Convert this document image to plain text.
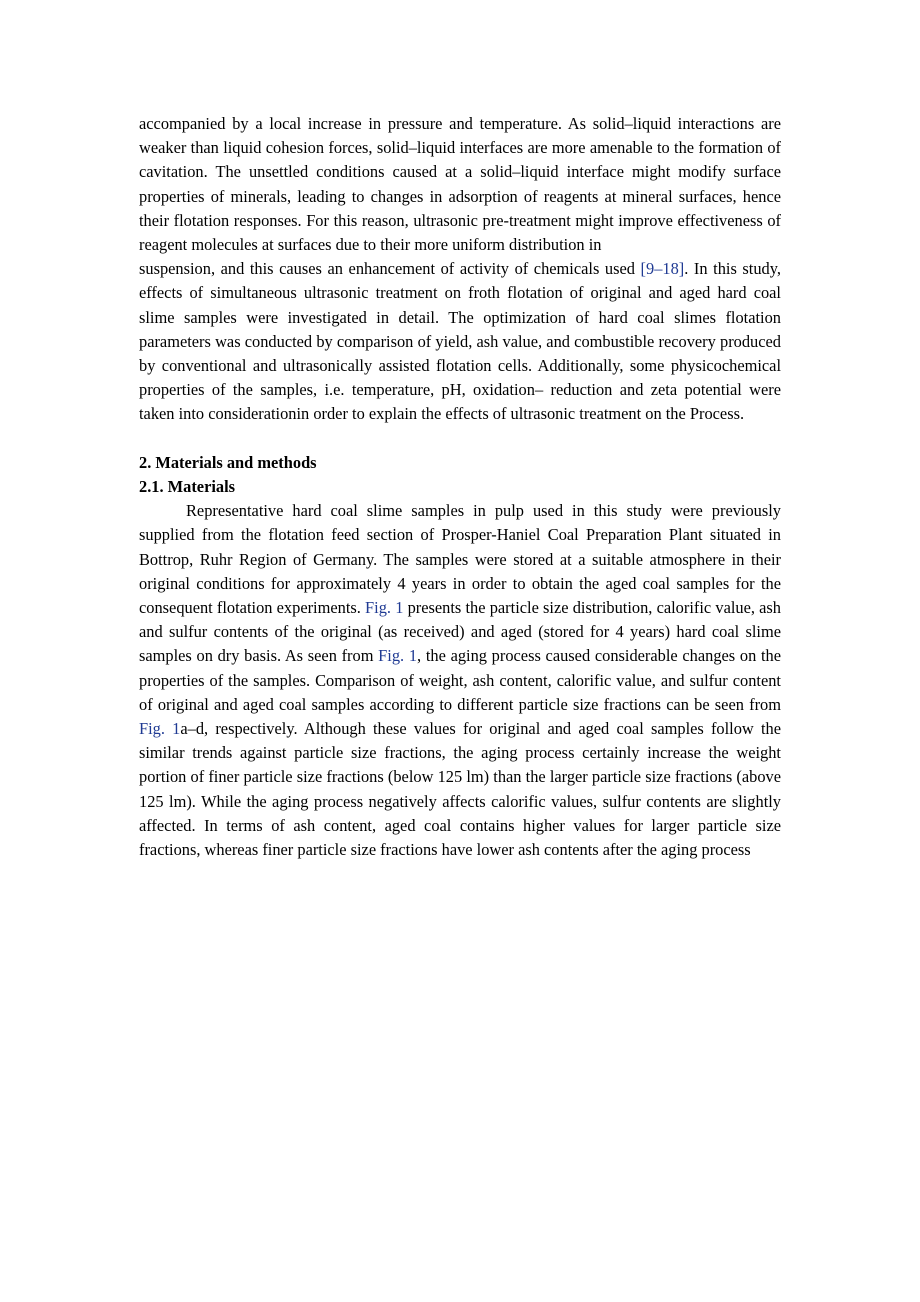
accompanied by a local increase in pressure and temperature. As solid–liquid interactions are weaker than liquid cohesion forces, solid–liquid interfaces are more amenable to the formation of cavitation. The unsettled conditions caused at a solid–liquid interface might modify surface properties of minerals, leading to changes in adsorption of reagents at mineral surfaces, hence their flotation responses. For this reason, ultrasonic pre-treatment might improve effectiveness of reagent molecules at surfaces due to their more uniform distribution in

suspension, and this causes an enhancement of activity of chemicals used [9–18]. In this study, effects of simultaneous ultrasonic treatment on froth flotation of original and aged hard coal slime samples were investigated in detail. The optimization of hard coal slimes flotation parameters was conducted by comparison of yield, ash value, and combustible recovery produced by conventional and ultrasonically assisted flotation cells. Additionally, some physicochemical properties of the samples, i.e. temperature, pH, oxidation– reduction and zeta potential were taken into considerationin order to explain the effects of ultrasonic treatment on the Process.

2. Materials and methods
2.1. Materials

Representative hard coal slime samples in pulp used in this study were previously supplied from the flotation feed section of Prosper-Haniel Coal Preparation Plant situated in Bottrop, Ruhr Region of Germany. The samples were stored at a suitable atmosphere in their original conditions for approximately 4 years in order to obtain the aged coal samples for the consequent flotation experiments. Fig. 1 presents the particle size distribution, calorific value, ash and sulfur contents of the original (as received) and aged (stored for 4 years) hard coal slime samples on dry basis. As seen from Fig. 1, the aging process caused considerable changes on the properties of the samples. Comparison of weight, ash content, calorific value, and sulfur content of original and aged coal samples according to different particle size fractions can be seen from Fig. 1a–d, respectively. Although these values for original and aged coal samples follow the similar trends against particle size fractions, the aging process certainly increase the weight portion of finer particle size fractions (below 125 lm) than the larger particle size fractions (above 125 lm). While the aging process negatively affects calorific values, sulfur contents are slightly affected. In terms of ash content, aged coal contains higher values for larger particle size fractions, whereas finer particle size fractions have lower ash contents after the aging process
